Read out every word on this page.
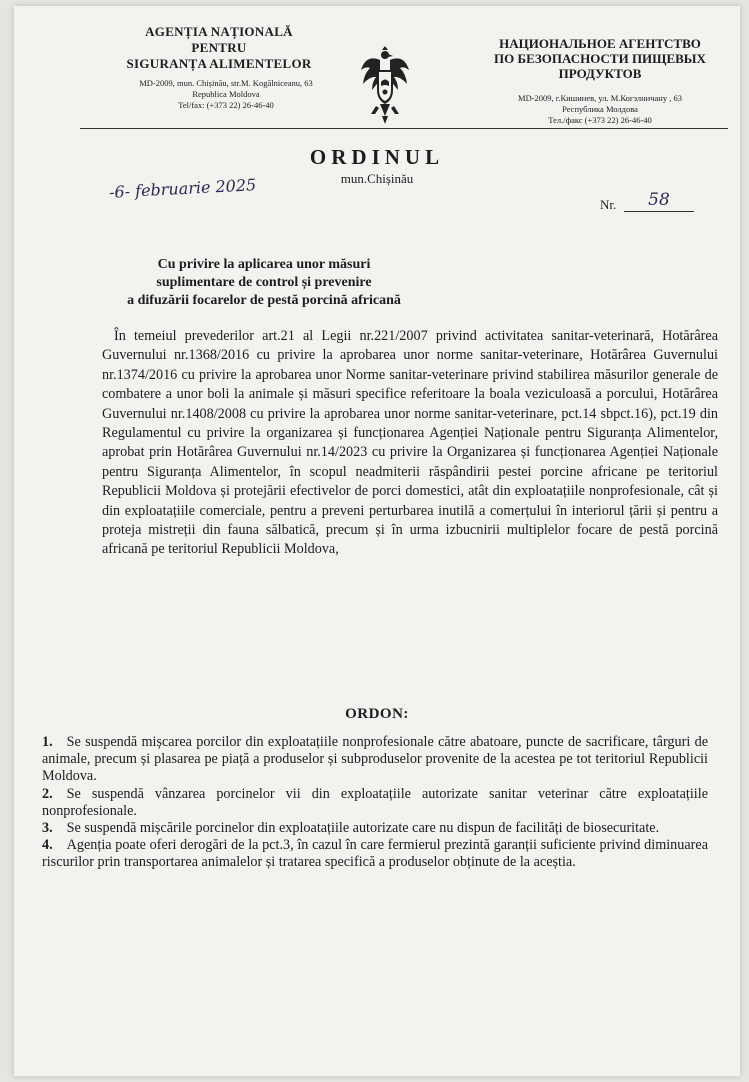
AGENȚIA NAȚIONALĂ
PENTRU
SIGURANȚA ALIMENTELOR
MD-2009, mun. Chișinău, str.M. Kogălniceanu, 63
Republica Moldova
Tel/fax: (+373 22) 26-46-40
НАЦИОНАЛЬНОЕ АГЕНТСТВО
ПО БЕЗОПАСНОСТИ ПИЩЕВЫХ
ПРОДУКТОВ
MD-2009, г.Кишинев, ул. М.Когэлничану , 63
Республика Молдова
Тел./факс (+373 22) 26-46-40
ORDINUL
mun.Chișinău
-6- februarie 2025
Nr.	58
Cu privire la aplicarea unor măsuri
suplimentare de control și prevenire
a difuzării focarelor de pestă porcină africană
În temeiul prevederilor art.21 al Legii nr.221/2007 privind activitatea sanitar-veterinară, Hotărârea Guvernului nr.1368/2016 cu privire la aprobarea unor norme sanitar-veterinare, Hotărârea Guvernului nr.1374/2016 cu privire la aprobarea unor Norme sanitar-veterinare privind stabilirea măsurilor generale de combatere a unor boli la animale și măsuri specifice referitoare la boala veziculoasă a porcului, Hotărârea Guvernului nr.1408/2008 cu privire la aprobarea unor norme sanitar-veterinare, pct.14 sbpct.16), pct.19 din Regulamentul cu privire la organizarea și funcționarea Agenției Naționale pentru Siguranța Alimentelor, aprobat prin Hotărârea Guvernului nr.14/2023 cu privire la Organizarea și funcționarea Agenției Naționale pentru Siguranța Alimentelor, în scopul neadmiterii răspândirii pestei porcine africane pe teritoriul Republicii Moldova și protejării efectivelor de porci domestici, atât din exploatațiile nonprofesionale, cât și din exploatațiile comerciale, pentru a preveni perturbarea inutilă a comerțului în interiorul țării și pentru a proteja mistreții din fauna sălbatică, precum și în urma izbucnirii multiplelor focare de pestă porcină africană pe teritoriul Republicii Moldova,
ORDON:
1. Se suspendă mișcarea porcilor din exploatațiile nonprofesionale către abatoare, puncte de sacrificare, târguri de animale, precum și plasarea pe piață a produselor și subproduselor provenite de la acestea pe tot teritoriul Republicii Moldova.
2. Se suspendă vânzarea porcinelor vii din exploatațiile autorizate sanitar veterinar către exploatațiile nonprofesionale.
3. Se suspendă mișcările porcinelor din exploatațiile autorizate care nu dispun de facilități de biosecuritate.
4. Agenția poate oferi derogări de la pct.3, în cazul în care fermierul prezintă garanții suficiente privind diminuarea riscurilor prin transportarea animalelor și tratarea specifică a produselor obținute de la aceștia.
